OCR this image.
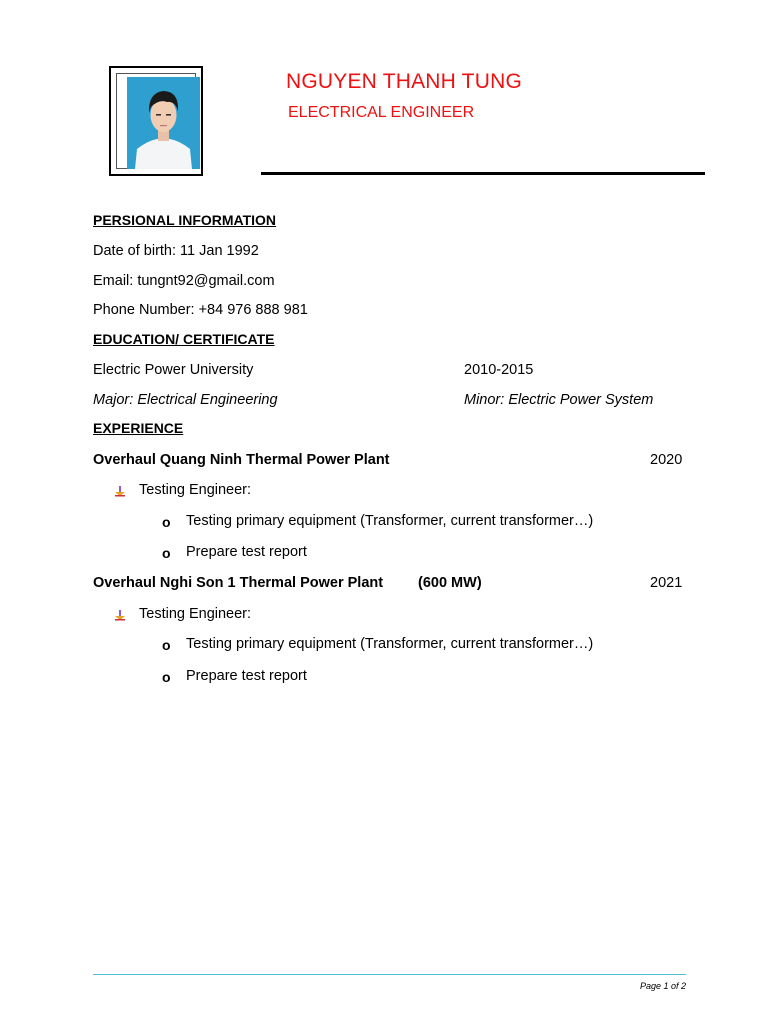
NGUYEN THANH TUNG
ELECTRICAL ENGINEER
PERSIONAL INFORMATION
Date of birth: 11 Jan 1992
Email: tungnt92@gmail.com
Phone Number: +84 976 888 981
EDUCATION/ CERTIFICATE
Electric Power University	2010-2015
Major: Electrical Engineering	Minor: Electric Power System
EXPERIENCE
Overhaul Quang Ninh Thermal Power Plant	2020
Testing Engineer:
o Testing primary equipment (Transformer, current transformer…)
o Prepare test report
Overhaul Nghi Son 1 Thermal Power Plant (600 MW)	2021
Testing Engineer:
o Testing primary equipment (Transformer, current transformer…)
o Prepare test report
Page 1 of 2
